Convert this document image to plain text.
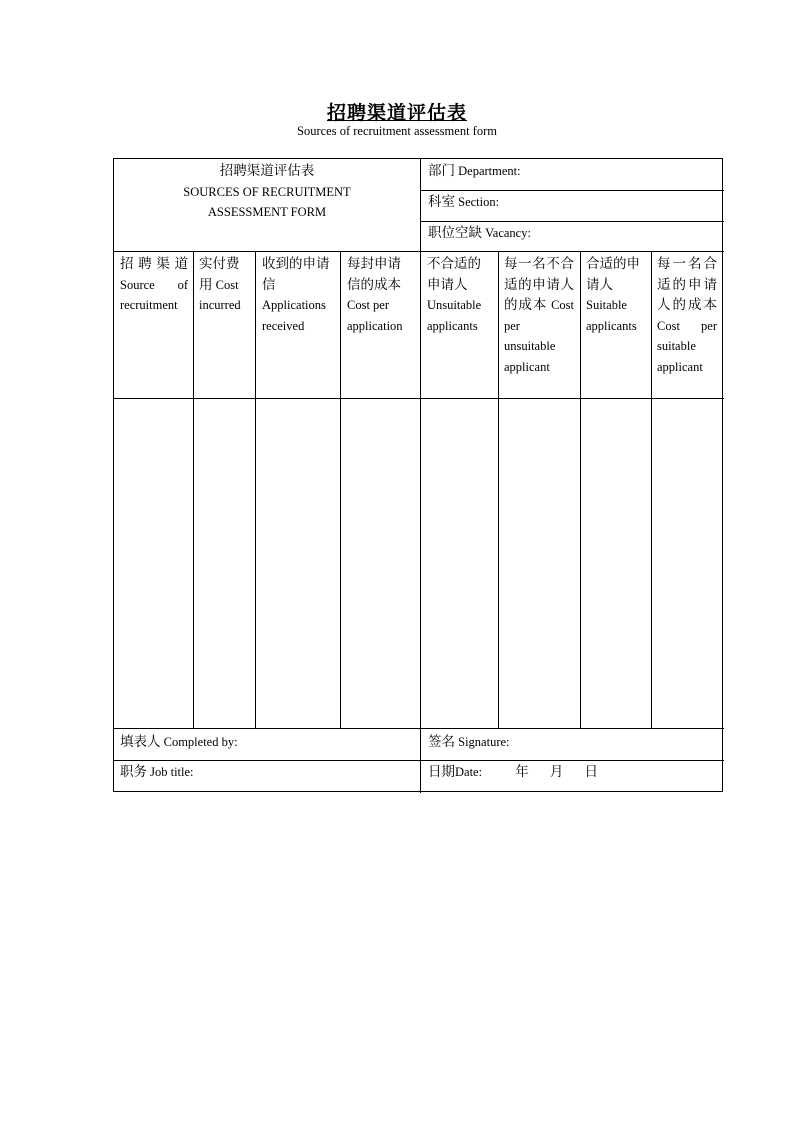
招聘渠道评估表
Sources of recruitment assessment form
招聘渠道评估表
SOURCES OF RECRUITMENT
ASSESSMENT FORM
部门 Department:
科室 Section:
职位空缺 Vacancy:
招聘渠道 Source of recruitment
实付费用 Cost incurred
收到的申请信 Applications received
每封申请信的成本 Cost per application
不合适的申请人 Unsuitable applicants
每一名不合适的申请人的成本 Cost per unsuitable applicant
合适的申请人 Suitable applicants
每一名合适的申请人的成本 Cost per suitable applicant
填表人 Completed by:	签名 Signature:
职务 Job title:	日期Date: 年 月 日
